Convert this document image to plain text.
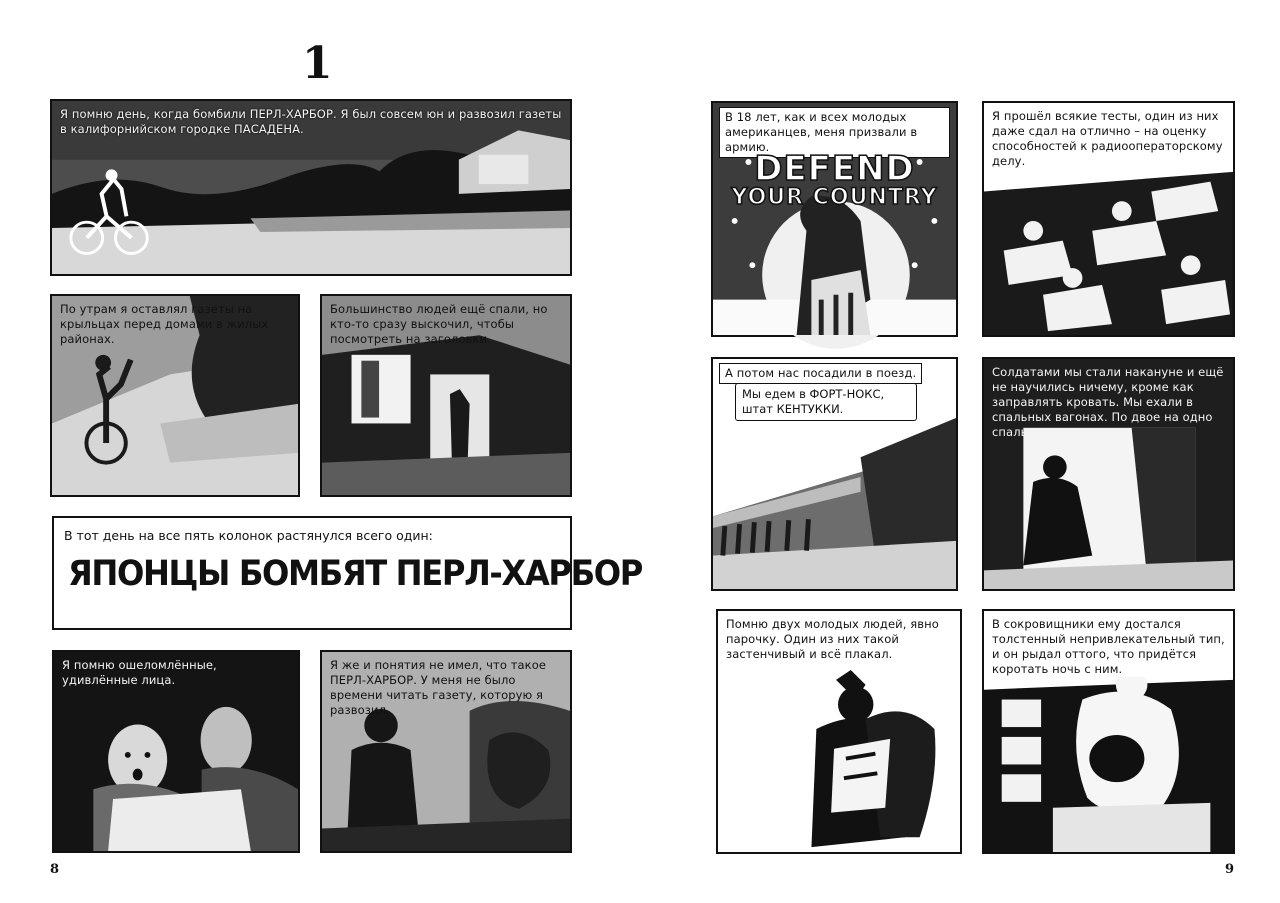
1
Я помню день, когда бомбили ПЕРЛ-ХАРБОР. Я был совсем юн и развозил газеты в калифорнийском городке ПАСАДЕНА.
По утрам я оставлял газеты на крыльцах перед домами в жилых районах.
Большинство людей ещё спали, но кто-то сразу выскочил, чтобы посмотреть на заголовки.
В тот день на все пять колонок растянулся всего один:
ЯПОНЦЫ БОМБЯТ ПЕРЛ-ХАРБОР
Я помню ошеломлённые, удивлённые лица.
Я же и понятия не имел, что такое ПЕРЛ-ХАРБОР. У меня не было времени читать газету, которую я развозил.
8
В 18 лет, как и всех молодых американцев, меня призвали в армию.
DEFEND
YOUR COUNTRY
Я прошёл всякие тесты, один из них даже сдал на отлично – на оценку способностей к радиооператорскому делу.
А потом нас посадили в поезд.
Мы едем в ФОРТ-НОКС, штат КЕНТУККИ.
Солдатами мы стали накануне и ещё не научились ничему, кроме как заправлять кровать. Мы ехали в спальных вагонах. По двое на одно спальное место.
Помню двух молодых людей, явно парочку. Один из них такой застенчивый и всё плакал.
В сокровищники ему достался толстенный непривлекательный тип, и он рыдал оттого, что придётся коротать ночь с ним.
9
